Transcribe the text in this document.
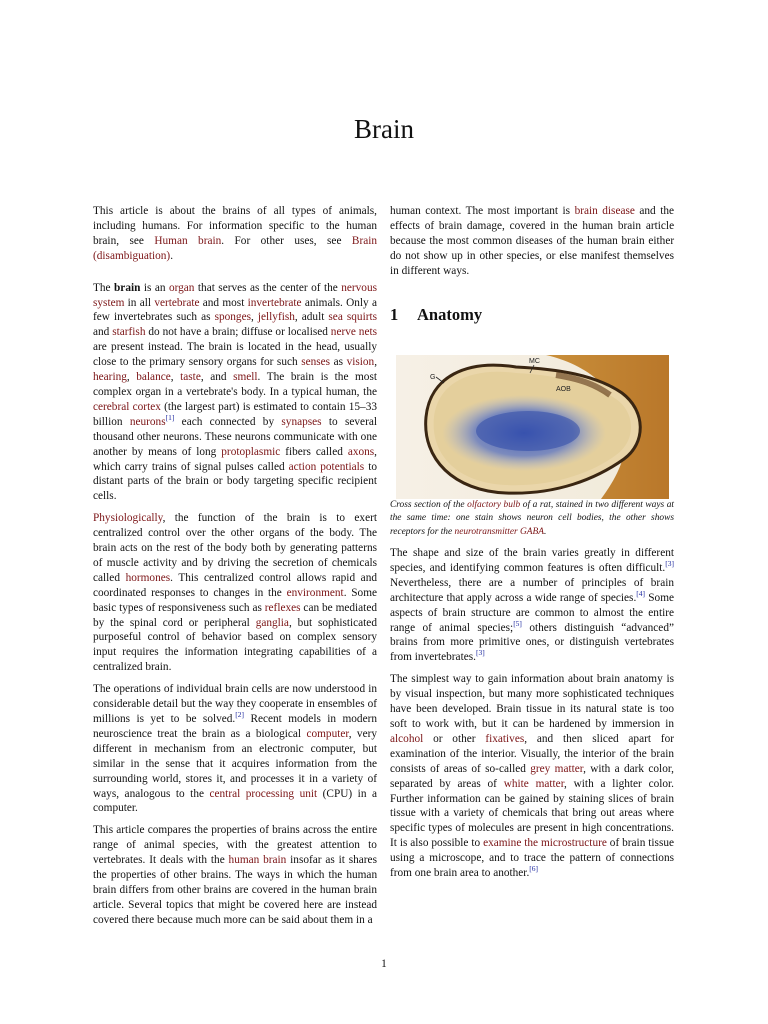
Brain

This article is about the brains of all types of animals, including humans. For information specific to the human brain, see Human brain. For other uses, see Brain (disambiguation).

The brain is an organ that serves as the center of the nervous system in all vertebrate and most invertebrate animals. Only a few invertebrates such as sponges, jellyfish, adult sea squirts and starfish do not have a brain; diffuse or localised nerve nets are present instead. The brain is located in the head, usually close to the primary sensory organs for such senses as vision, hearing, balance, taste, and smell. The brain is the most complex organ in a vertebrate's body. In a typical human, the cerebral cortex (the largest part) is estimated to contain 15–33 billion neurons[1] each connected by synapses to several thousand other neurons. These neurons communicate with one another by means of long protoplasmic fibers called axons, which carry trains of signal pulses called action potentials to distant parts of the brain or body targeting specific recipient cells.

Physiologically, the function of the brain is to exert centralized control over the other organs of the body. The brain acts on the rest of the body both by generating patterns of muscle activity and by driving the secretion of chemicals called hormones. This centralized control allows rapid and coordinated responses to changes in the environment. Some basic types of responsiveness such as reflexes can be mediated by the spinal cord or peripheral ganglia, but sophisticated purposeful control of behavior based on complex sensory input requires the information integrating capabilities of a centralized brain.

The operations of individual brain cells are now understood in considerable detail but the way they cooperate in ensembles of millions is yet to be solved.[2] Recent models in modern neuroscience treat the brain as a biological computer, very different in mechanism from an electronic computer, but similar in the sense that it acquires information from the surrounding world, stores it, and processes it in a variety of ways, analogous to the central processing unit (CPU) in a computer.

This article compares the properties of brains across the entire range of animal species, with the greatest attention to vertebrates. It deals with the human brain insofar as it shares the properties of other brains. The ways in which the human brain differs from other brains are covered in the human brain article. Several topics that might be covered here are instead covered there because much more can be said about them in a

human context. The most important is brain disease and the effects of brain damage, covered in the human brain article because the most common diseases of the human brain either do not show up in other species, or else manifest themselves in different ways.

1 Anatomy
MC
G
AOB

Cross section of the olfactory bulb of a rat, stained in two different ways at the same time: one stain shows neuron cell bodies, the other shows receptors for the neurotransmitter GABA.

The shape and size of the brain varies greatly in different species, and identifying common features is often difficult.[3] Nevertheless, there are a number of principles of brain architecture that apply across a wide range of species.[4] Some aspects of brain structure are common to almost the entire range of animal species;[5] others distinguish “advanced” brains from more primitive ones, or distinguish vertebrates from invertebrates.[3]

The simplest way to gain information about brain anatomy is by visual inspection, but many more sophisticated techniques have been developed. Brain tissue in its natural state is too soft to work with, but it can be hardened by immersion in alcohol or other fixatives, and then sliced apart for examination of the interior. Visually, the interior of the brain consists of areas of so-called grey matter, with a dark color, separated by areas of white matter, with a lighter color. Further information can be gained by staining slices of brain tissue with a variety of chemicals that bring out areas where specific types of molecules are present in high concentrations. It is also possible to examine the microstructure of brain tissue using a microscope, and to trace the pattern of connections from one brain area to another.[6]

1
